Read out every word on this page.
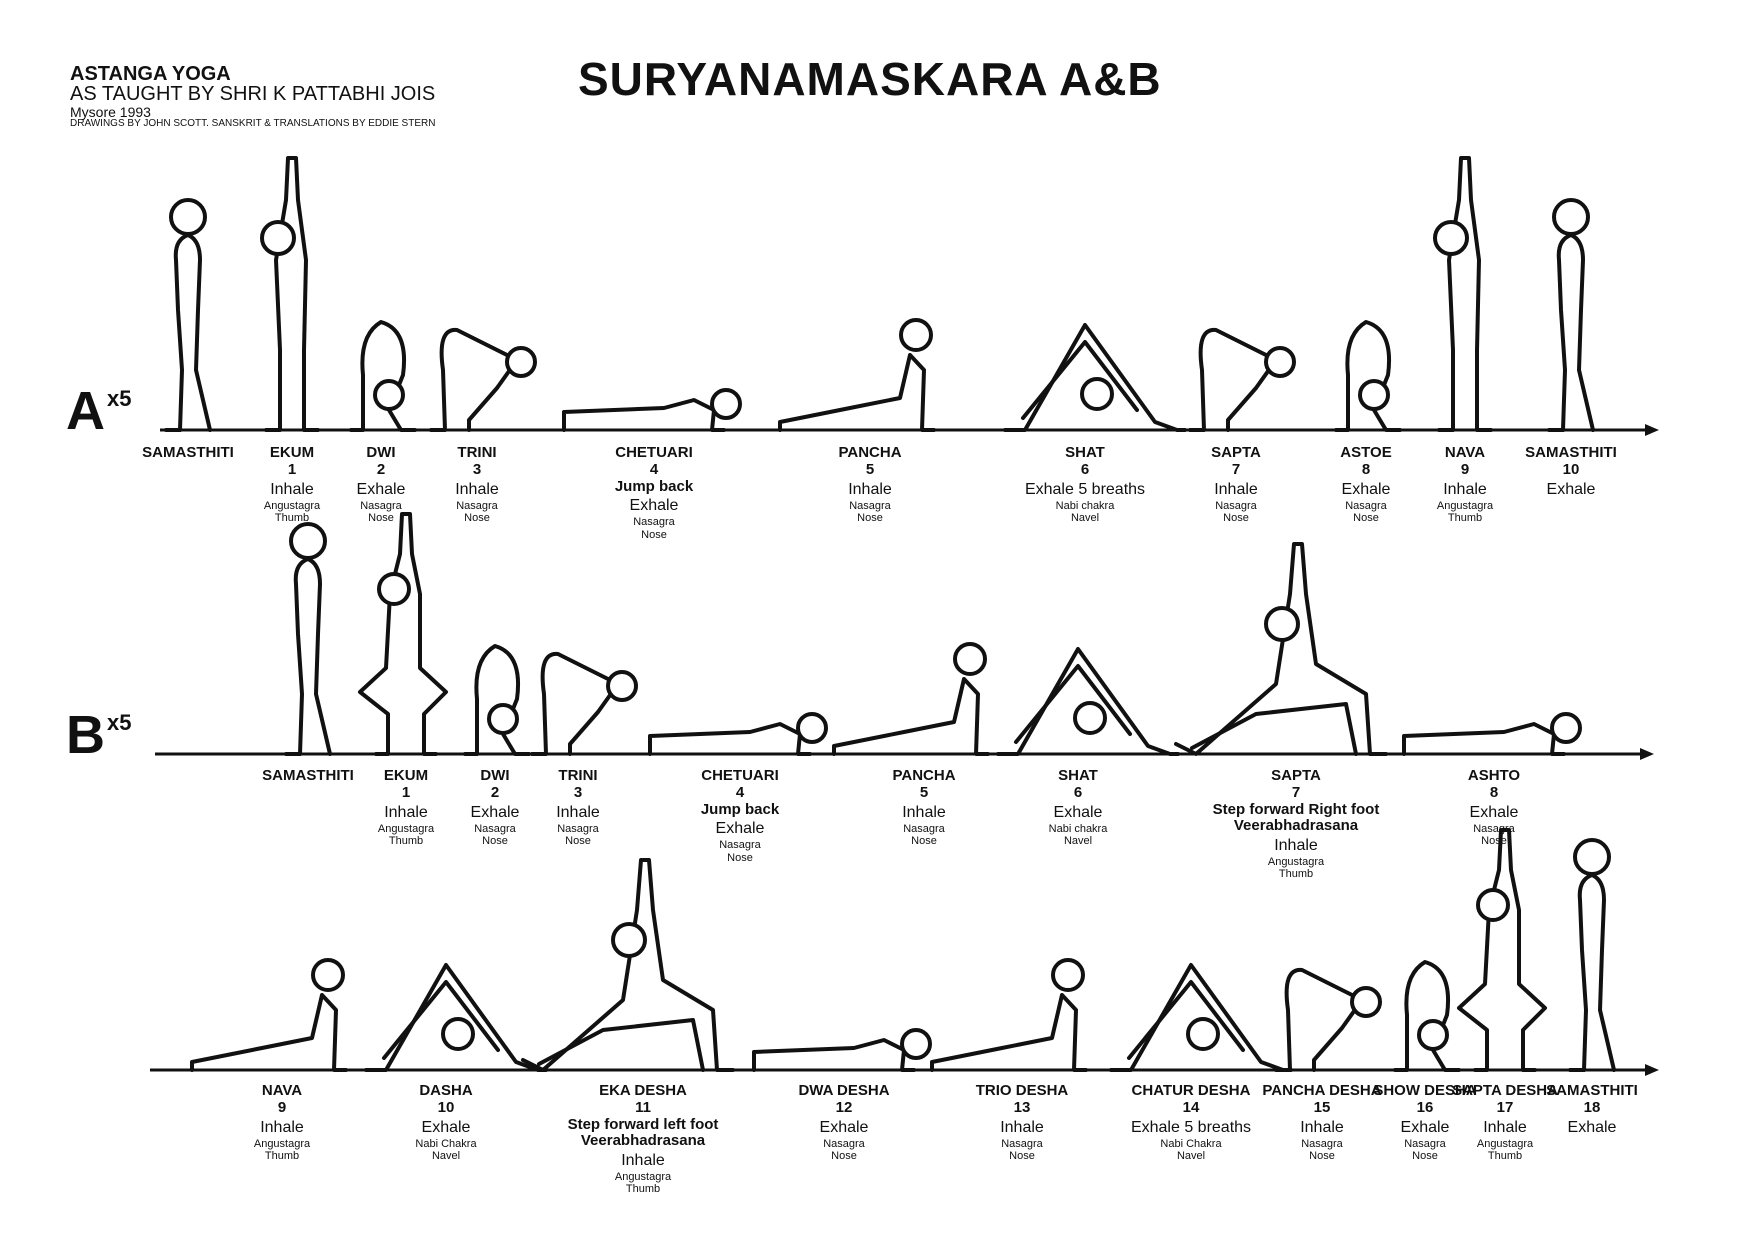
ASTANGA YOGA
AS TAUGHT BY SHRI K PATTABHI JOIS
Mysore 1993
DRAWINGS BY JOHN SCOTT. SANSKRIT & TRANSLATIONS BY EDDIE STERN
SURYANAMASKARA A&B
$A^{x5}$
$B^{x5}$
SAMASTHITI	EKUM
1
Inhale
Angustagra
Thumb
DWI
2
Exhale
Nasagra
Nose
TRINI
3
Inhale
Nasagra
Nose
CHETUARI
4
Jump back
Exhale
Nasagra
Nose
PANCHA
5
Inhale
Nasagra
Nose
SHAT
6
Exhale 5 breaths
Nabi chakra
Navel
SAPTA
7
Inhale
Nasagra
Nose
ASTOE
8
Exhale
Nasagra
Nose
NAVA
9
Inhale
Angustagra
Thumb
SAMASTHITI
10
Exhale
SAMASTHITI	EKUM
1
Inhale
Angustagra
Thumb
DWI
2
Exhale
Nasagra
Nose
TRINI
3
Inhale
Nasagra
Nose
CHETUARI
4
Jump back
Exhale
Nasagra
Nose
PANCHA
5
Inhale
Nasagra
Nose
SHAT
6
Exhale
Nabi chakra
Navel
SAPTA
7
Step forward Right foot Veerabhadrasana
Inhale
Angustagra
Thumb
ASHTO
8
Exhale
Nasagra
Nose
NAVA
9
Inhale
Angustagra
Thumb
DASHA
10
Exhale
Nabi Chakra
Navel
EKA DESHA
11
Step forward left foot Veerabhadrasana
Inhale
Angustagra
Thumb
DWA DESHA
12
Exhale
Nasagra
Nose
TRIO DESHA
13
Inhale
Nasagra
Nose
CHATUR DESHA
14
Exhale 5 breaths
Nabi Chakra
Navel
PANCHA DESHA
15
Inhale
Nasagra
Nose
SHOW DESHA
16
Exhale
Nasagra
Nose
SAPTA DESHA
17
Inhale
Angustagra
Thumb
SAMASTHITI
18
Exhale
